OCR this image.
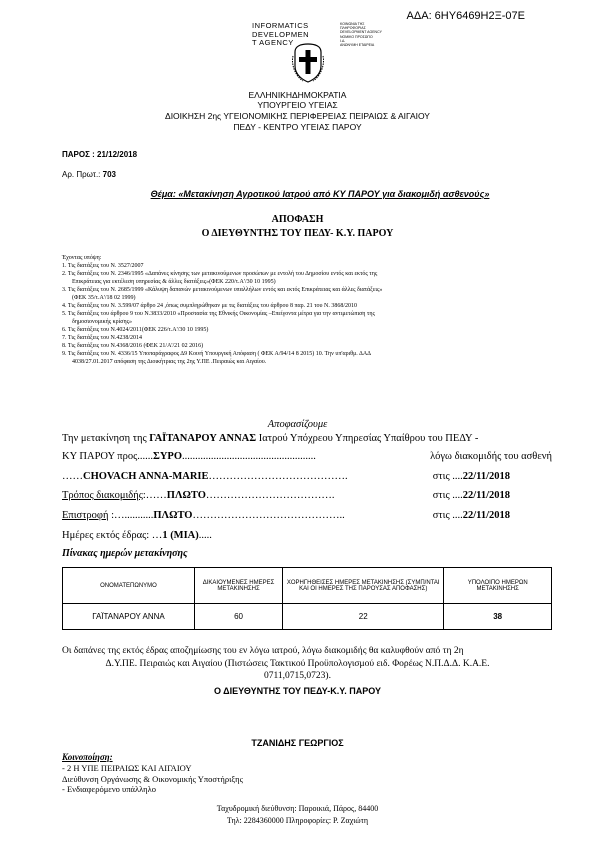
ΑΔΑ: 6ΗΥ6469Η2Ξ-07Ε
INFORMATICS
DEVELOPMEN
T AGENCY
ΚΟΙΝΩΝΙΑ ΤΗΣ
ΠΛΗΡΟΦΟΡΙΑΣ
DEVELOPMENT AGENCY
ΝΟΜΙΚΟ ΠΡΟΣΩΠΟ
Ι.Δ.
ΑΝΩΝΥΜΗ ΕΤΑΙΡΕΙΑ
ΕΛΛΗΝΙΚΗΔΗΜΟΚΡΑΤΙΑ
ΥΠΟΥΡΓΕΙΟ ΥΓΕΙΑΣ
ΔΙΟΙΚΗΣΗ 2ης ΥΓΕΙΟΝΟΜΙΚΗΣ ΠΕΡΙΦΕΡΕΙΑΣ ΠΕΙΡΑΙΩΣ & ΑΙΓΑΙΟΥ
ΠΕΔΥ - ΚΕΝΤΡΟ ΥΓΕΙΑΣ ΠΑΡΟΥ
ΠΑΡΟΣ : 21/12/2018
Αρ. Πρωτ.: 703
Θέμα: «Μετακίνηση Αγροτικού Ιατρού από ΚΥ ΠΑΡΟΥ για διακομιδή ασθενούς»
ΑΠΟΦΑΣΗ
Ο ΔΙΕΥΘΥΝΤΗΣ ΤΟΥ ΠΕΔΥ- Κ.Υ. ΠΑΡΟΥ

Έχοντας υπόψη:

1. Τις διατάξεις του Ν. 3527/2007

2. Τις διατάξεις του Ν. 2346/1995 «Δαπάνες κίνησης των μετακινούμενων προσώπων με εντολή του Δημοσίου εντός και εκτός της

Επικράτειας για εκτέλεση υπηρεσίας & άλλες διατάξεις»(ΦΕΚ 220/τ.Α'/30 10 1995)

3. Τις διατάξεις του Ν. 2685/1999 «Κάλυψη δαπανών μετακινούμενων υπαλλήλων εντός και εκτός Επικράτειας και άλλες διατάξεις»

(ΦΕΚ 35/τ.Α'/18 02 1999)

4. Τις διατάξεις του Ν. 3.599/07 άρθρο 24 ,όπως συμπληρώθηκαν με τις διατάξεις του άρθρου 8 παρ. 21 του Ν. 3868/2010

5. Τις διατάξεις του άρθρου 9 του Ν.3833/2010 «Προστασία της Εθνικής Οικονομίας –Επείγοντα μέτρα για την αντιμετώπιση της

δημοσιονομικής κρίσης»

6. Τις διατάξεις του Ν.4024/2011(ΦΕΚ 226/τ.Α'/30 10 1995)

7. Τις διατάξεις του Ν.4238/2014

8. Τις διατάξεις του Ν.4368/2016 (ΦΕΚ 21/Α'/21 02 2016)

9. Τις διατάξεις του Ν. 4336/15 Υποπαράγραφος Δ9 Κοινή Υπουργική Απόφαση ( ΦΕΚ Α/94/14 8 2015) 10. Την υπ'αριθμ. ΔΑΔ

4038/27.01.2017 απόφαση της Διοικήτριας της 2ης Υ.ΠΕ .Πειραιώς και Αιγαίου.

Αποφασίζουμε
Την μετακίνηση της ΓΑΪΤΑΝΑΡΟΥ ΑΝΝΑΣ Ιατρού Υπόχρεου Υπηρεσίας Υπαίθρου του ΠΕΔΥ -
ΚΥ ΠΑΡΟΥ προς......ΣΥΡΟ...................................................	λόγω διακομιδής του ασθενή
……CHOVACH ANNA-MARIE………………………………….	στις ....22/11/2018
Τρόπος διακομιδής:……ΠΛΩΤΟ……………………………….	στις ....22/11/2018
Επιστροφή :…...........ΠΛΩΤΟ……………………………………..	στις ....22/11/2018
Ημέρες εκτός έδρας: …1 (ΜΙΑ).....
Πίνακας ημερών μετακίνησης
ΟΝΟΜΑΤΕΠΩΝΥΜΟ	ΔΙΚΑΙΟΥΜΕΝΕΣ ΗΜΕΡΕΣ ΜΕΤΑΚΙΝΗΣΗΣ	ΧΟΡΗΓΗΘΕΙΣΕΣ ΗΜΕΡΕΣ ΜΕΤΑΚΙΝΗΣΗΣ (ΣΥΜΠ/ΝΤΑΙ ΚΑΙ ΟΙ ΗΜΕΡΕΣ ΤΗΣ ΠΑΡΟΥΣΑΣ ΑΠΟΦΑΣΗΣ)	ΥΠΟΛΟΙΠΟ ΗΜΕΡΩΝ ΜΕΤΑΚΙΝΗΣΗΣ
ΓΑΪΤΑΝΑΡΟΥ ΑΝΝΑ	60	22	38
Οι δαπάνες της εκτός έδρας αποζημίωσης του εν λόγω ιατρού, λόγω διακομιδής θα καλυφθούν από τη 2η
Δ.Υ.ΠΕ. Πειραιώς και Αιγαίου (Πιστώσεις Τακτικού Προϋπολογισμού ειδ. Φορέως Ν.Π.Δ.Δ. Κ.Α.Ε.
0711,0715,0723).
Ο ΔΙΕΥΘΥΝΤΗΣ ΤΟΥ ΠΕΔΥ-Κ.Υ. ΠΑΡΟΥ
ΤΖΑΝΙΔΗΣ ΓΕΩΡΓΙΟΣ
Κοινοποίηση:
- 2 Η ΥΠΕ ΠΕΙΡΑΙΩΣ ΚΑΙ ΑΙΓΑΙΟΥ
Διεύθυνση Οργάνωσης & Οικονομικής Υποστήριξης
- Ενδιαφερόμενο υπάλληλο
Ταχυδρομική διεύθυνση: Παροικιά, Πάρος, 84400
Τηλ: 2284360000 Πληροφορίες: Ρ. Ζαχιώτη
